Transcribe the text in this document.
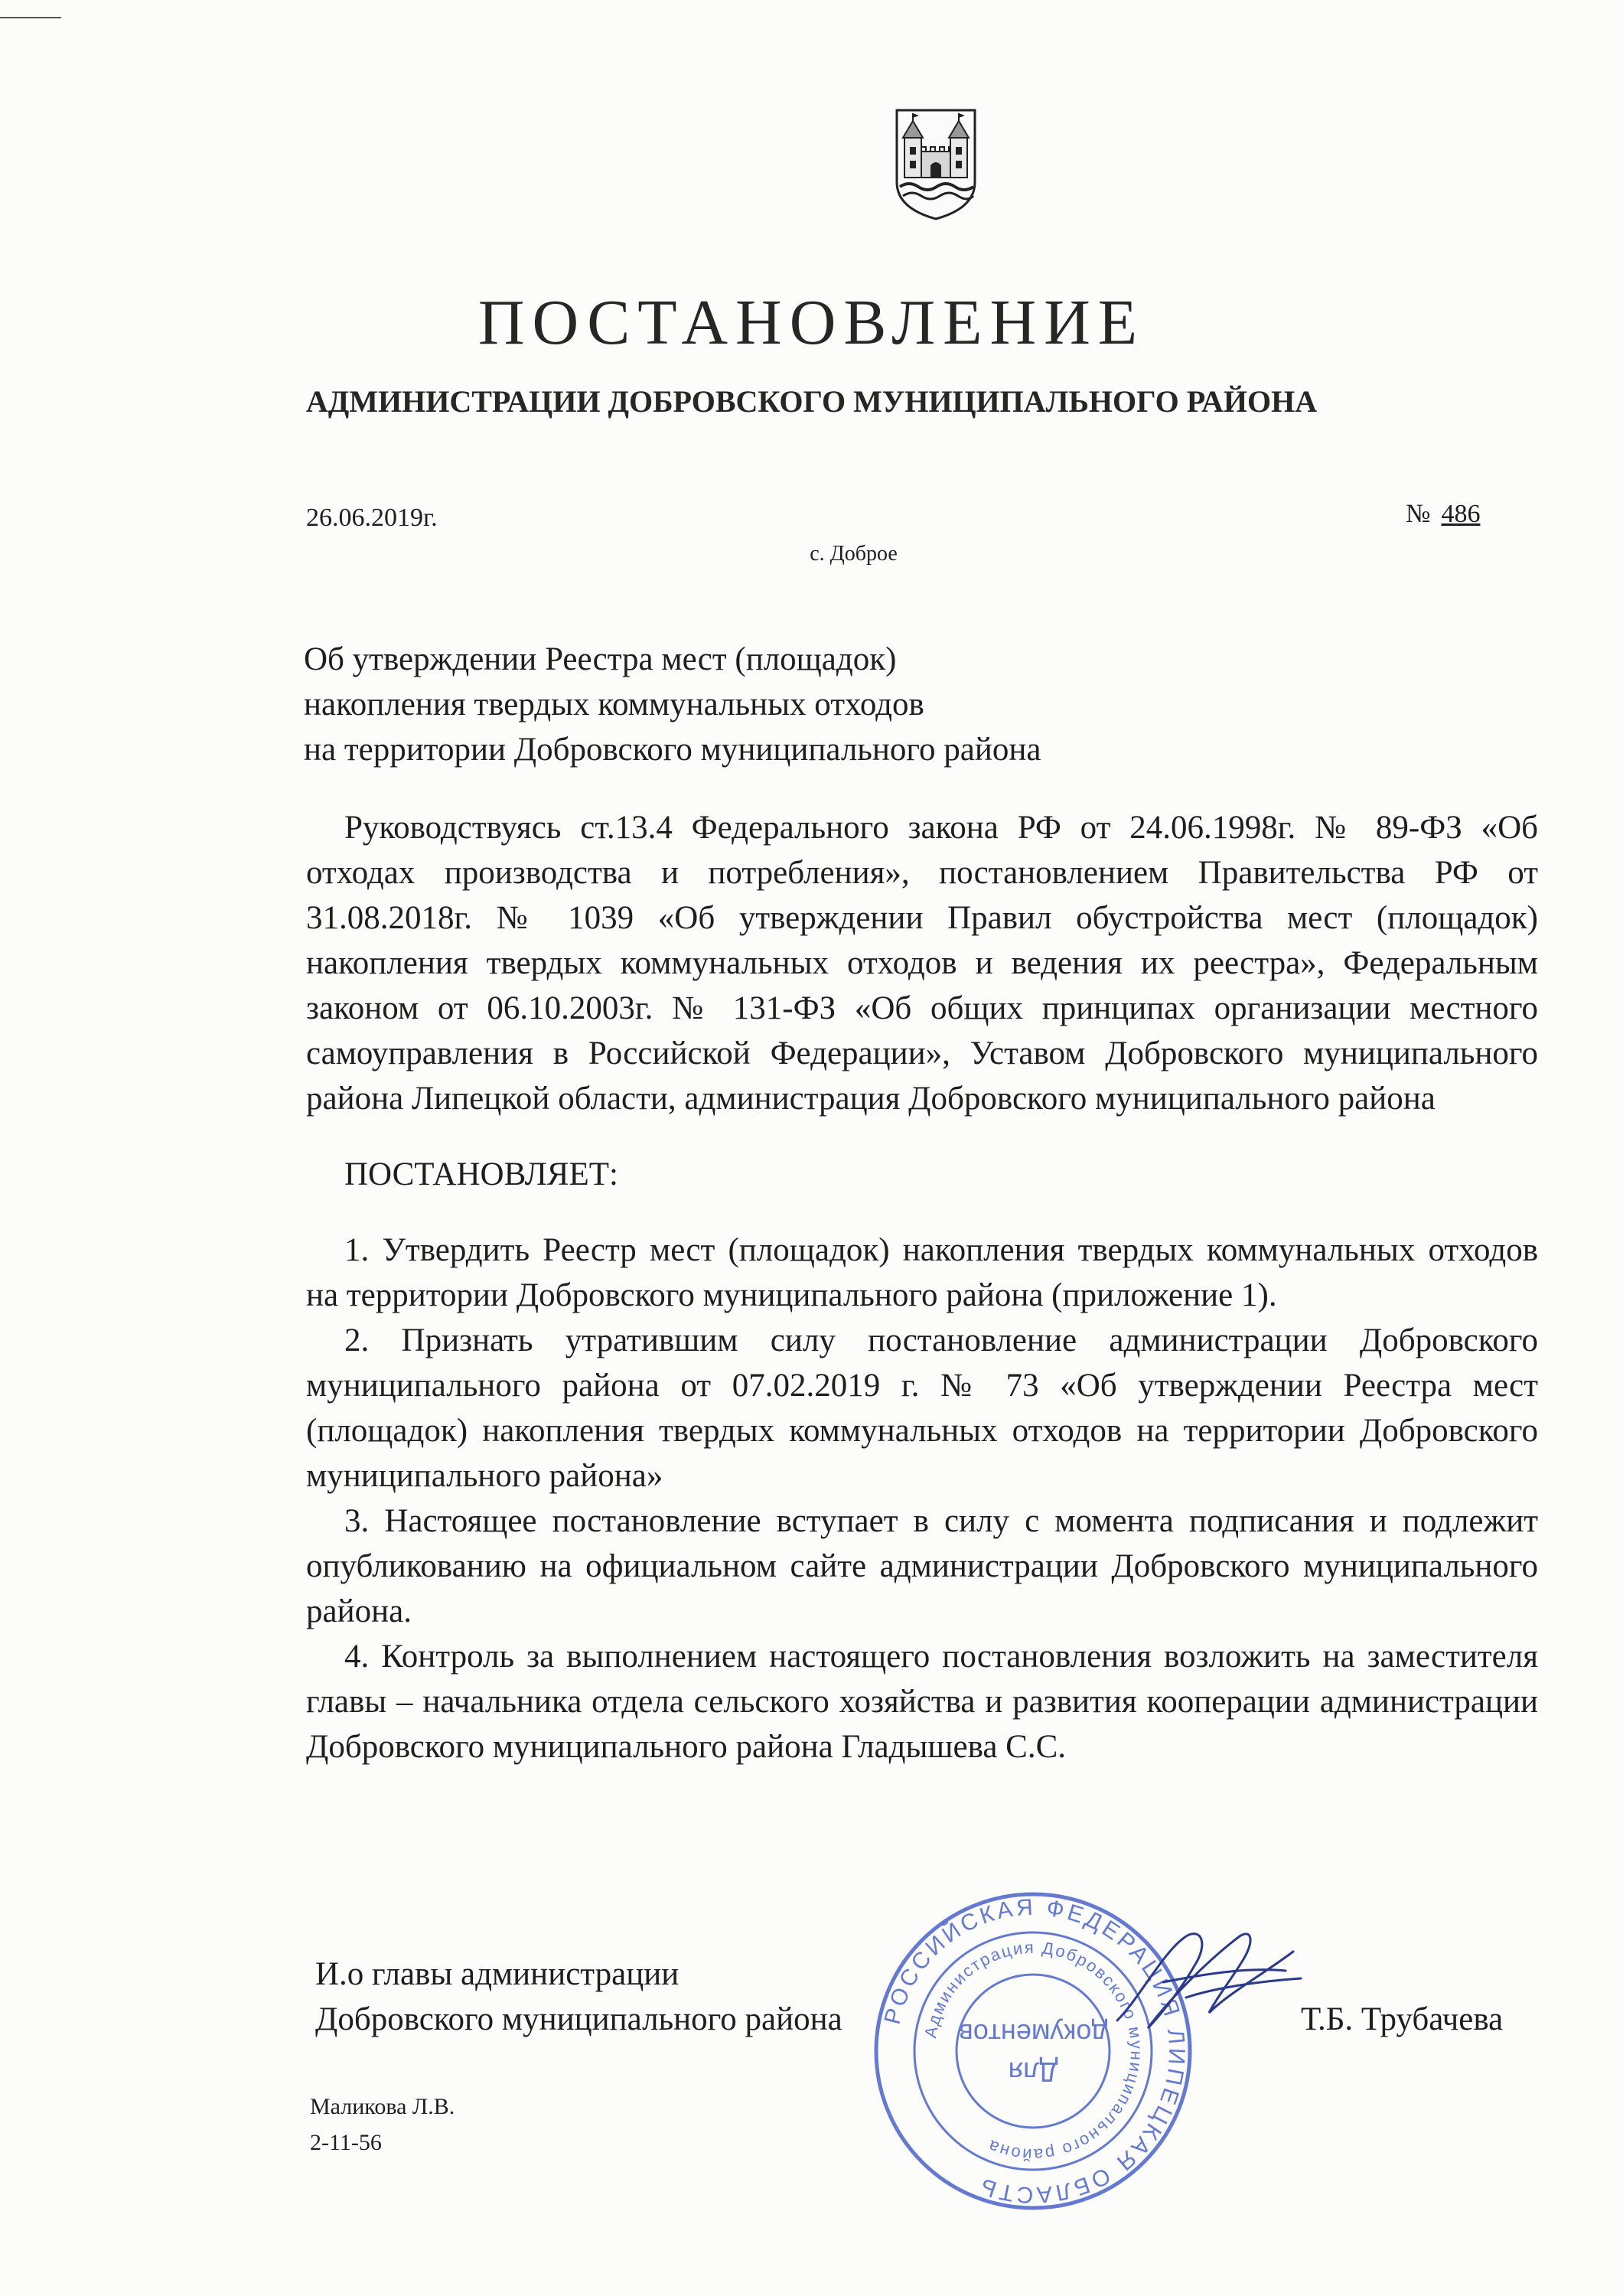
ПОСТАНОВЛЕНИЕ
АДМИНИСТРАЦИИ ДОБРОВСКОГО МУНИЦИПАЛЬНОГО РАЙОНА
26.06.2019г.	№ 486
с. Доброе
Об утверждении Реестра мест (площадок)
накопления твердых коммунальных отходов
на территории Добровского муниципального района

Руководствуясь ст.13.4 Федерального закона РФ от 24.06.1998г. № 89-ФЗ «Об отходах производства и потребления», постановлением Правительства РФ от 31.08.2018г. № 1039 «Об утверждении Правил обустройства мест (площадок) накопления твердых коммунальных отходов и ведения их реестра», Федеральным законом от 06.10.2003г. № 131-ФЗ «Об общих принципах организации местного самоуправления в Российской Федерации», Уставом Добровского муниципального района Липецкой области, администрация Добровского муниципального района

ПОСТАНОВЛЯЕТ:

1. Утвердить Реестр мест (площадок) накопления твердых коммунальных отходов на территории Добровского муниципального района (приложение 1).

2. Признать утратившим силу постановление администрации Добровского муниципального района от 07.02.2019 г. № 73 «Об утверждении Реестра мест (площадок) накопления твердых коммунальных отходов на территории Добровского муниципального района»

3. Настоящее постановление вступает в силу с момента подписания и подлежит опубликованию на официальном сайте администрации Добровского муниципального района.

4. Контроль за выполнением настоящего постановления возложить на заместителя главы – начальника отдела сельского хозяйства и развития кооперации администрации Добровского муниципального района Гладышева С.С.

РОССИЙСКАЯ ФЕДЕРАЦИЯ ЛИПЕЦКАЯ ОБЛАСТЬ
Администрация Добровского муниципального района
Для
документов
И.о главы администрации
Добровского муниципального района	Т.Б. Трубачева
Маликова Л.В.
2-11-56
